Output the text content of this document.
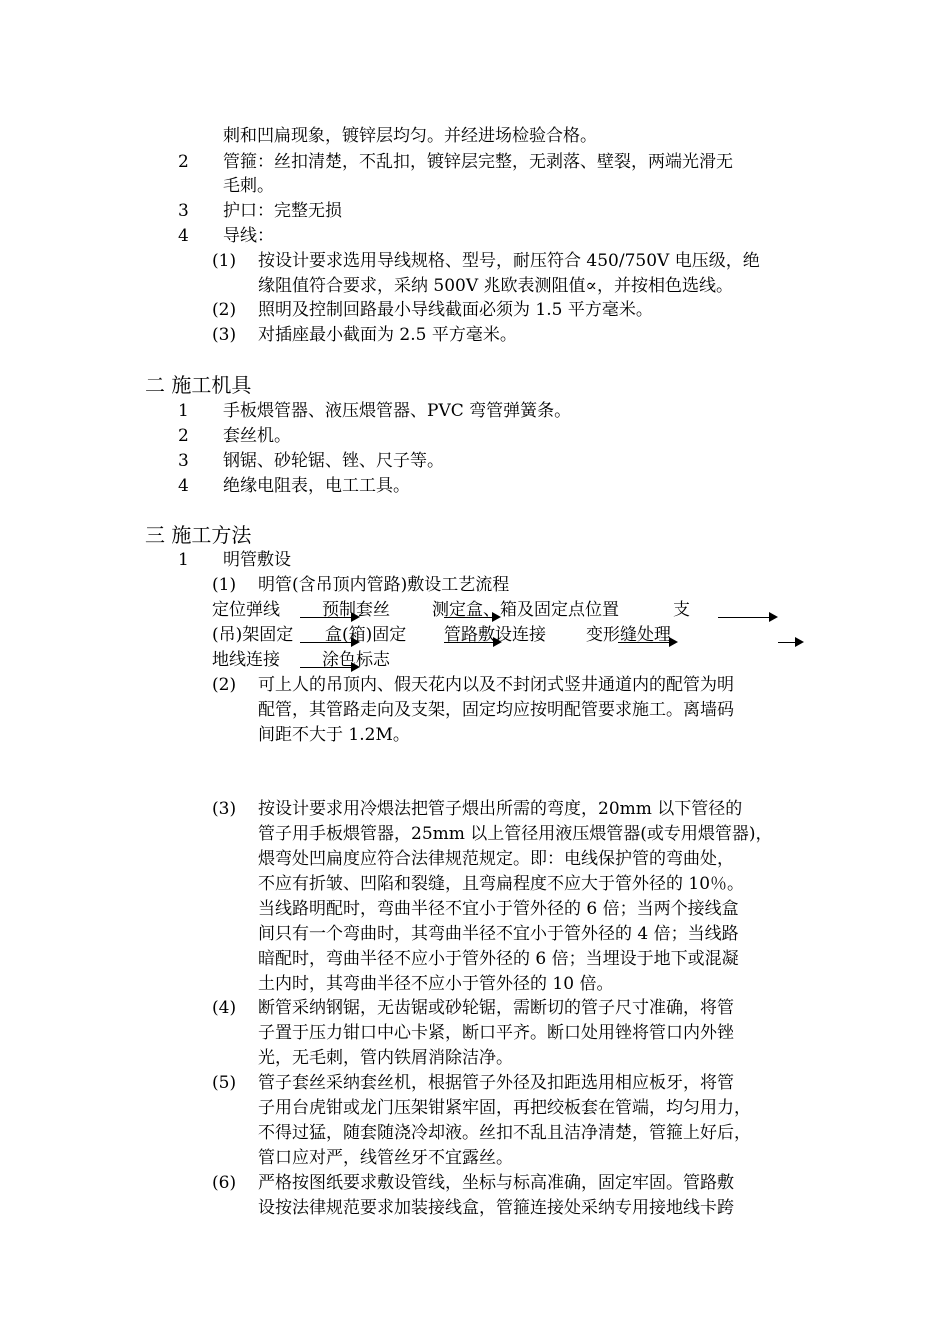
刺和凹扁现象，镀锌层均匀。并经进场检验合格。
2 管箍：丝扣清楚，不乱扣，镀锌层完整，无剥落、壁裂，两端光滑无
毛刺。
3 护口：完整无损
4 导线：
(1) 按设计要求选用导线规格、型号，耐压符合 450/750V 电压级，绝
缘阻值符合要求，采纳 500V 兆欧表测阻值∝，并按相色选线。
(2) 照明及控制回路最小导线截面必须为 1.5 平方毫米。
(3) 对插座最小截面为 2.5 平方毫米。
二 施工机具
1 手板煨管器、液压煨管器、PVC 弯管弹簧条。
2 套丝机。
3 钢锯、砂轮锯、锉、尺子等。
4 绝缘电阻表，电工工具。
三 施工方法
1 明管敷设
(1) 明管(含吊顶内管路)敷设工艺流程
定位弹线 预制套丝 测定盒、箱及固定点位置	支
(吊)架固定 盒(箱)固定 管路敷设连接 变形缝处理
地线连接 涂色标志
(2) 可上人的吊顶内、假天花内以及不封闭式竖井通道内的配管为明
配管，其管路走向及支架，固定均应按明配管要求施工。离墙码
间距不大于 1.2M。
(3) 按设计要求用冷煨法把管子煨出所需的弯度，20mm 以下管径的
管子用手板煨管器，25mm 以上管径用液压煨管器(或专用煨管器)，
煨弯处凹扁度应符合法律规范规定。即：电线保护管的弯曲处，
不应有折皱、凹陷和裂缝，且弯扁程度不应大于管外径的 10％。
当线路明配时，弯曲半径不宜小于管外径的 6 倍；当两个接线盒
间只有一个弯曲时，其弯曲半径不宜小于管外径的 4 倍；当线路
暗配时，弯曲半径不应小于管外径的 6 倍；当埋设于地下或混凝
土内时，其弯曲半径不应小于管外径的 10 倍。
(4) 断管采纳钢锯，无齿锯或砂轮锯，需断切的管子尺寸准确，将管
子置于压力钳口中心卡紧，断口平齐。断口处用锉将管口内外锉
光，无毛刺，管内铁屑消除洁净。
(5) 管子套丝采纳套丝机，根据管子外径及扣距选用相应板牙，将管
子用台虎钳或龙门压架钳紧牢固，再把绞板套在管端，均匀用力，
不得过猛，随套随浇冷却液。丝扣不乱且洁净清楚，管箍上好后，
管口应对严，线管丝牙不宜露丝。
(6) 严格按图纸要求敷设管线，坐标与标高准确，固定牢固。管路敷
设按法律规范要求加装接线盒，管箍连接处采纳专用接地线卡跨
